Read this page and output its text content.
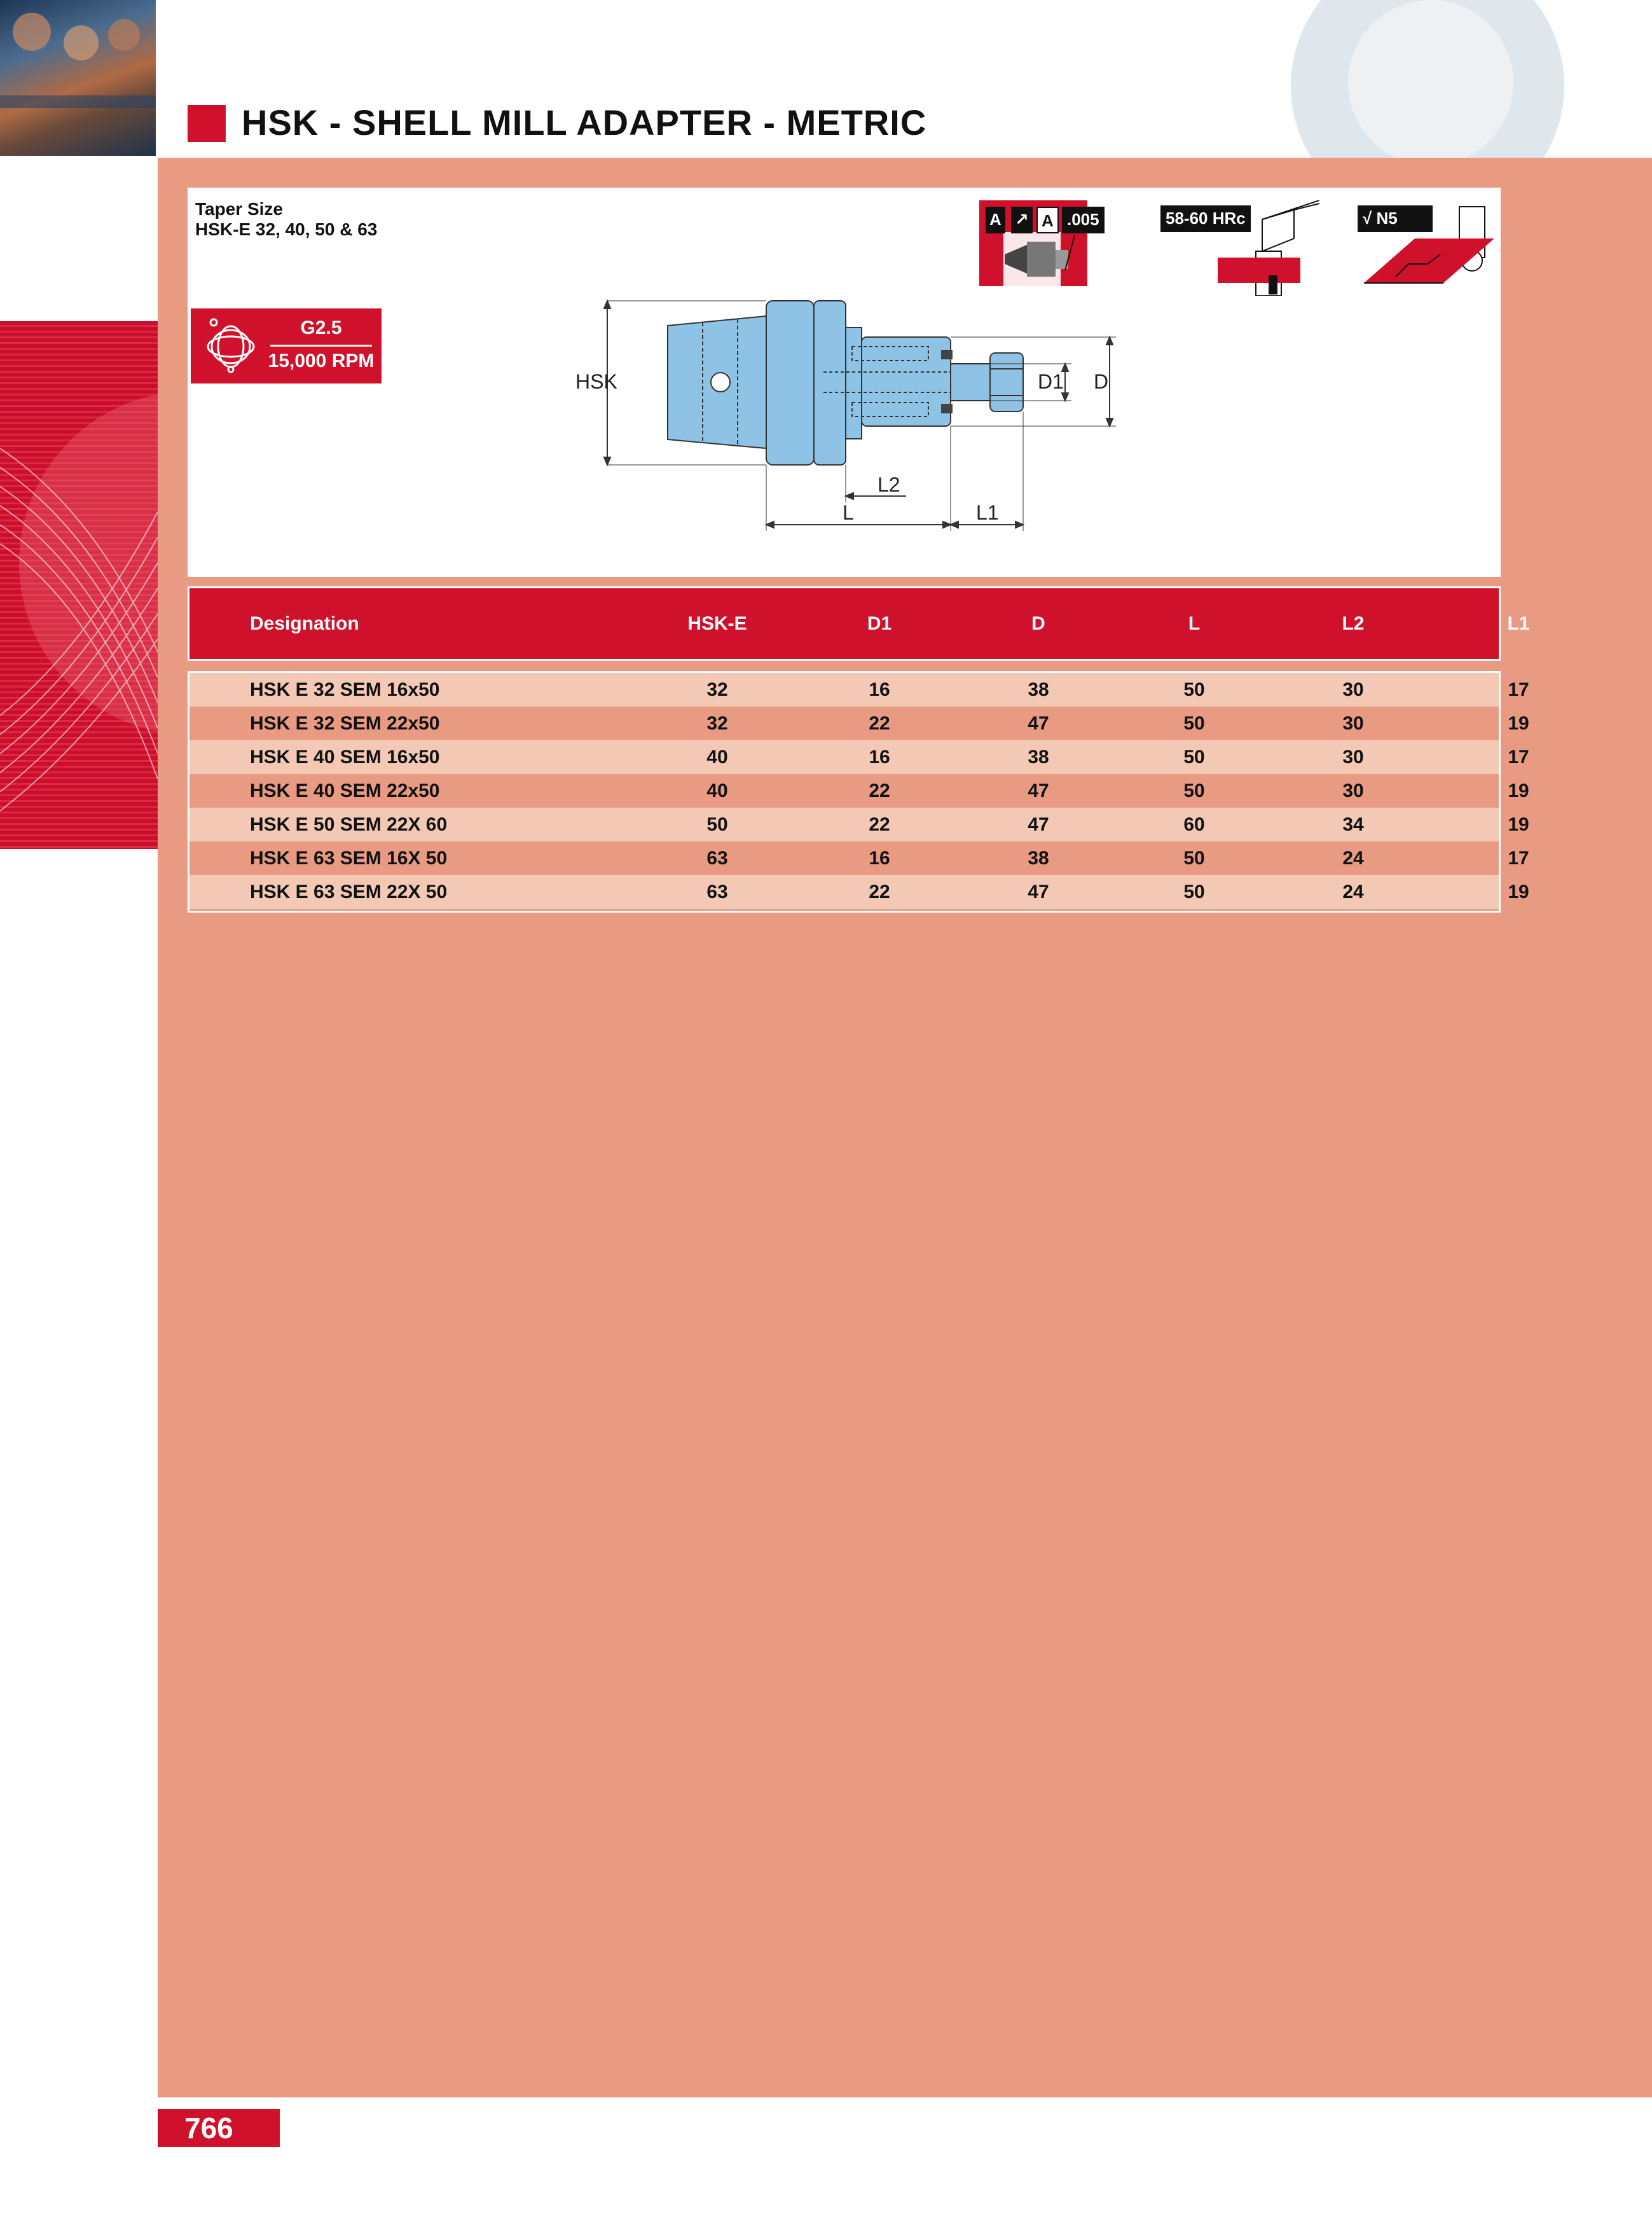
HSK - SHELL MILL ADAPTER - METRIC
Taper Size
HSK-E 32, 40, 50 & 63
G2.5
15,000 RPM
A ↗ A .005	58-60 HRc	√ N5
HSK	D1 D
L	L1
L2
Designation	HSK-E	D1	D	L	L2	L1
HSK E 32 SEM 16x50	32	16	38	50	30	17
HSK E 32 SEM 22x50	32	22	47	50	30	19
HSK E 40 SEM 16x50	40	16	38	50	30	17
HSK E 40 SEM 22x50	40	22	47	50	30	19
HSK E 50 SEM 22X 60	50	22	47	60	34	19
HSK E 63 SEM 16X 50	63	16	38	50	24	17
HSK E 63 SEM 22X 50	63	22	47	50	24	19
766
